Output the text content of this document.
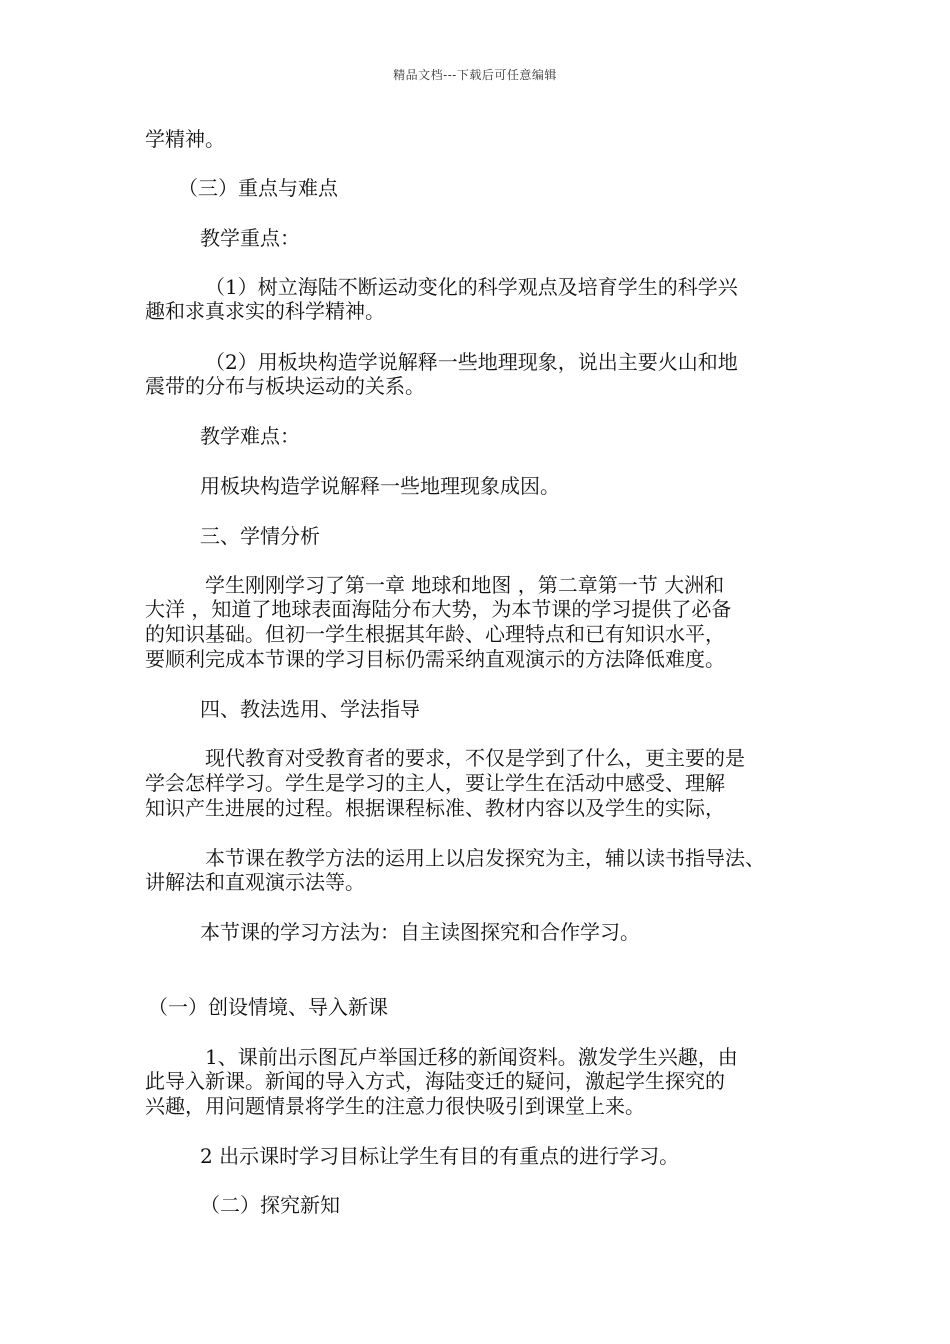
精品文档---下载后可任意编辑
学精神。
（三）重点与难点
教学重点：
（1）树立海陆不断运动变化的科学观点及培育学生的科学兴
趣和求真求实的科学精神。
（2）用板块构造学说解释一些地理现象，说出主要火山和地
震带的分布与板块运动的关系。
教学难点：
用板块构造学说解释一些地理现象成因。
三、学情分析
学生刚刚学习了第一章 地球和地图 ，第二章第一节 大洲和
大洋 ，知道了地球表面海陆分布大势，为本节课的学习提供了必备
的知识基础。但初一学生根据其年龄、心理特点和已有知识水平，
要顺利完成本节课的学习目标仍需采纳直观演示的方法降低难度。
四、教法选用、学法指导
现代教育对受教育者的要求，不仅是学到了什么，更主要的是
学会怎样学习。学生是学习的主人，要让学生在活动中感受、理解
知识产生进展的过程。根据课程标准、教材内容以及学生的实际，
本节课在教学方法的运用上以启发探究为主，辅以读书指导法、
讲解法和直观演示法等。
本节课的学习方法为：自主读图探究和合作学习。
（一）创设情境、导入新课
1、课前出示图瓦卢举国迁移的新闻资料。激发学生兴趣，由
此导入新课。新闻的导入方式，海陆变迁的疑问，激起学生探究的
兴趣，用问题情景将学生的注意力很快吸引到课堂上来。
2 出示课时学习目标让学生有目的有重点的进行学习。
（二）探究新知
